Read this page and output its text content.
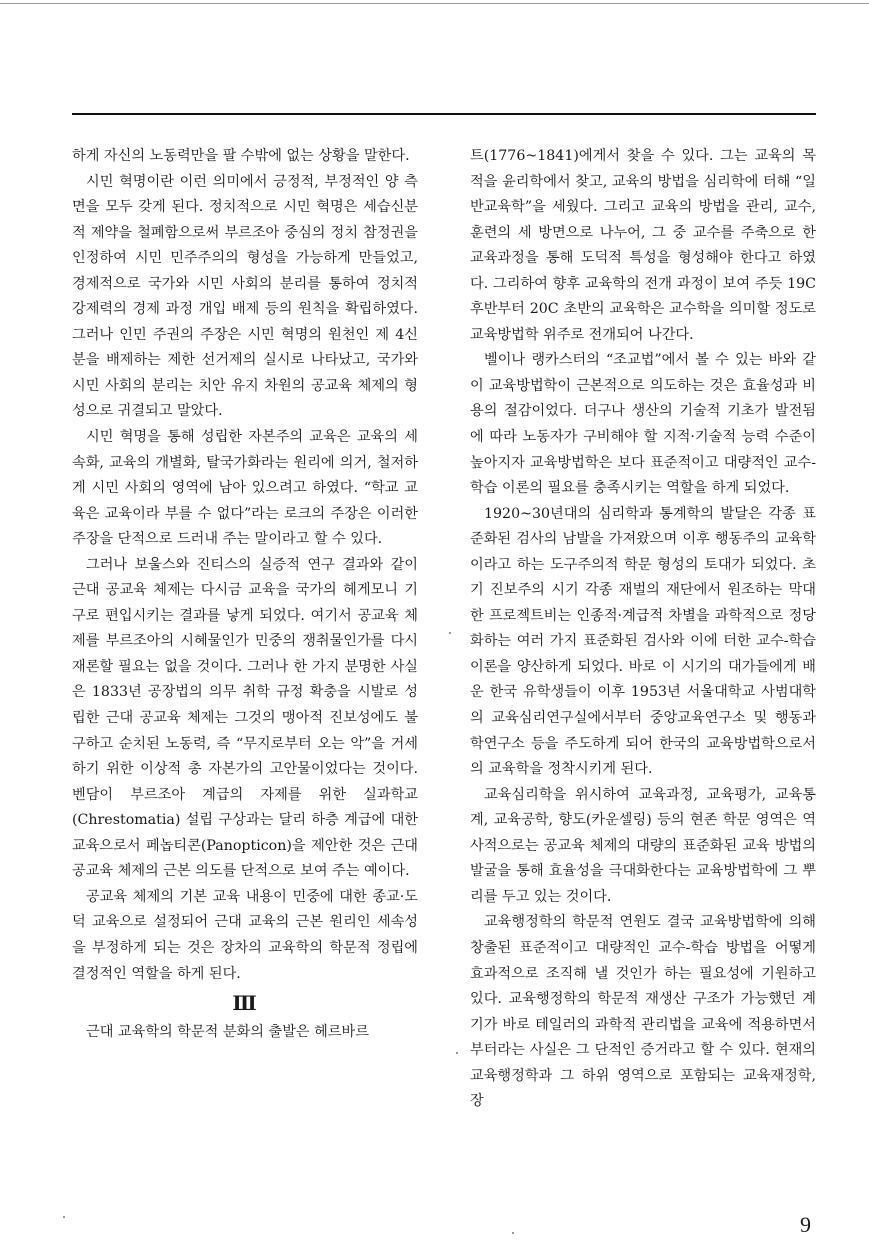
하게 자신의 노동력만을 팔 수밖에 없는 상황을 말한다.

시민 혁명이란 이런 의미에서 긍정적, 부정적인 양 측면을 모두 갖게 된다. 정치적으로 시민 혁명은 세습신분적 제약을 철폐함으로써 부르조아 중심의 정치 참정권을 인정하여 시민 민주주의의 형성을 가능하게 만들었고, 경제적으로 국가와 시민 사회의 분리를 통하여 정치적 강제력의 경제 과정 개입 배제 등의 원칙을 확립하였다. 그러나 인민 주권의 주장은 시민 혁명의 원천인 제 4신분을 배제하는 제한 선거제의 실시로 나타났고, 국가와 시민 사회의 분리는 치안 유지 차원의 공교육 체제의 형성으로 귀결되고 말았다.

시민 혁명을 통해 성립한 자본주의 교육은 교육의 세속화, 교육의 개별화, 탈국가화라는 원리에 의거, 철저하게 시민 사회의 영역에 남아 있으려고 하였다. “학교 교육은 교육이라 부를 수 없다”라는 로크의 주장은 이러한 주장을 단적으로 드러내 주는 말이라고 할 수 있다.

그러나 보울스와 진티스의 실증적 연구 결과와 같이 근대 공교육 체제는 다시금 교육을 국가의 헤게모니 기구로 편입시키는 결과를 낳게 되었다. 여기서 공교육 체제를 부르조아의 시혜물인가 민중의 쟁취물인가를 다시 재론할 필요는 없을 것이다. 그러나 한 가지 분명한 사실은 1833년 공장법의 의무 취학 규정 확충을 시발로 성립한 근대 공교육 체제는 그것의 맹아적 진보성에도 불구하고 순치된 노동력, 즉 “무지로부터 오는 악”을 거세하기 위한 이상적 총 자본가의 고안물이었다는 것이다. 벤담이 부르조아 계급의 자제를 위한 실과학교(Chrestomatia) 설립 구상과는 달리 하층 계급에 대한 교육으로서 페놉티콘(Panopticon)을 제안한 것은 근대 공교육 체제의 근본 의도를 단적으로 보여 주는 예이다.

공교육 체제의 기본 교육 내용이 민중에 대한 종교·도덕 교육으로 설정되어 근대 교육의 근본 원리인 세속성을 부정하게 되는 것은 장차의 교육학의 학문적 정립에 결정적인 역할을 하게 된다.

Ⅲ

근대 교육학의 학문적 분화의 출발은 헤르바르

트(1776~1841)에게서 찾을 수 있다. 그는 교육의 목적을 윤리학에서 찾고, 교육의 방법을 심리학에 터해 “일반교육학”을 세웠다. 그리고 교육의 방법을 관리, 교수, 훈련의 세 방면으로 나누어, 그 중 교수를 주축으로 한 교육과정을 통해 도덕적 특성을 형성해야 한다고 하였다. 그리하여 향후 교육학의 전개 과정이 보여 주듯 19C 후반부터 20C 초반의 교육학은 교수학을 의미할 정도로 교육방법학 위주로 전개되어 나간다.

벨이나 랭카스터의 “조교법”에서 볼 수 있는 바와 같이 교육방법학이 근본적으로 의도하는 것은 효율성과 비용의 절감이었다. 더구나 생산의 기술적 기초가 발전됨에 따라 노동자가 구비해야 할 지적·기술적 능력 수준이 높아지자 교육방법학은 보다 표준적이고 대량적인 교수-학습 이론의 필요를 충족시키는 역할을 하게 되었다.

1920~30년대의 심리학과 통계학의 발달은 각종 표준화된 검사의 남발을 가져왔으며 이후 행동주의 교육학이라고 하는 도구주의적 학문 형성의 토대가 되었다. 초기 진보주의 시기 각종 재벌의 재단에서 원조하는 막대한 프로젝트비는 인종적·계급적 차별을 과학적으로 정당화하는 여러 가지 표준화된 검사와 이에 터한 교수-학습 이론을 양산하게 되었다. 바로 이 시기의 대가들에게 배운 한국 유학생들이 이후 1953년 서울대학교 사범대학의 교육심리연구실에서부터 중앙교육연구소 및 행동과학연구소 등을 주도하게 되어 한국의 교육방법학으로서의 교육학을 정착시키게 된다.

교육심리학을 위시하여 교육과정, 교육평가, 교육통계, 교육공학, 향도(카운셀링) 등의 현존 학문 영역은 역사적으로는 공교육 체제의 대량의 표준화된 교육 방법의 발굴을 통해 효율성을 극대화한다는 교육방법학에 그 뿌리를 두고 있는 것이다.

교육행정학의 학문적 연원도 결국 교육방법학에 의해 창출된 표준적이고 대량적인 교수-학습 방법을 어떻게 효과적으로 조직해 낼 것인가 하는 필요성에 기원하고 있다. 교육행정학의 학문적 재생산 구조가 가능했던 계기가 바로 테일러의 과학적 관리법을 교육에 적용하면서부터라는 사실은 그 단적인 증거라고 할 수 있다. 현재의 교육행정학과 그 하위 영역으로 포함되는 교육재정학, 장

9
